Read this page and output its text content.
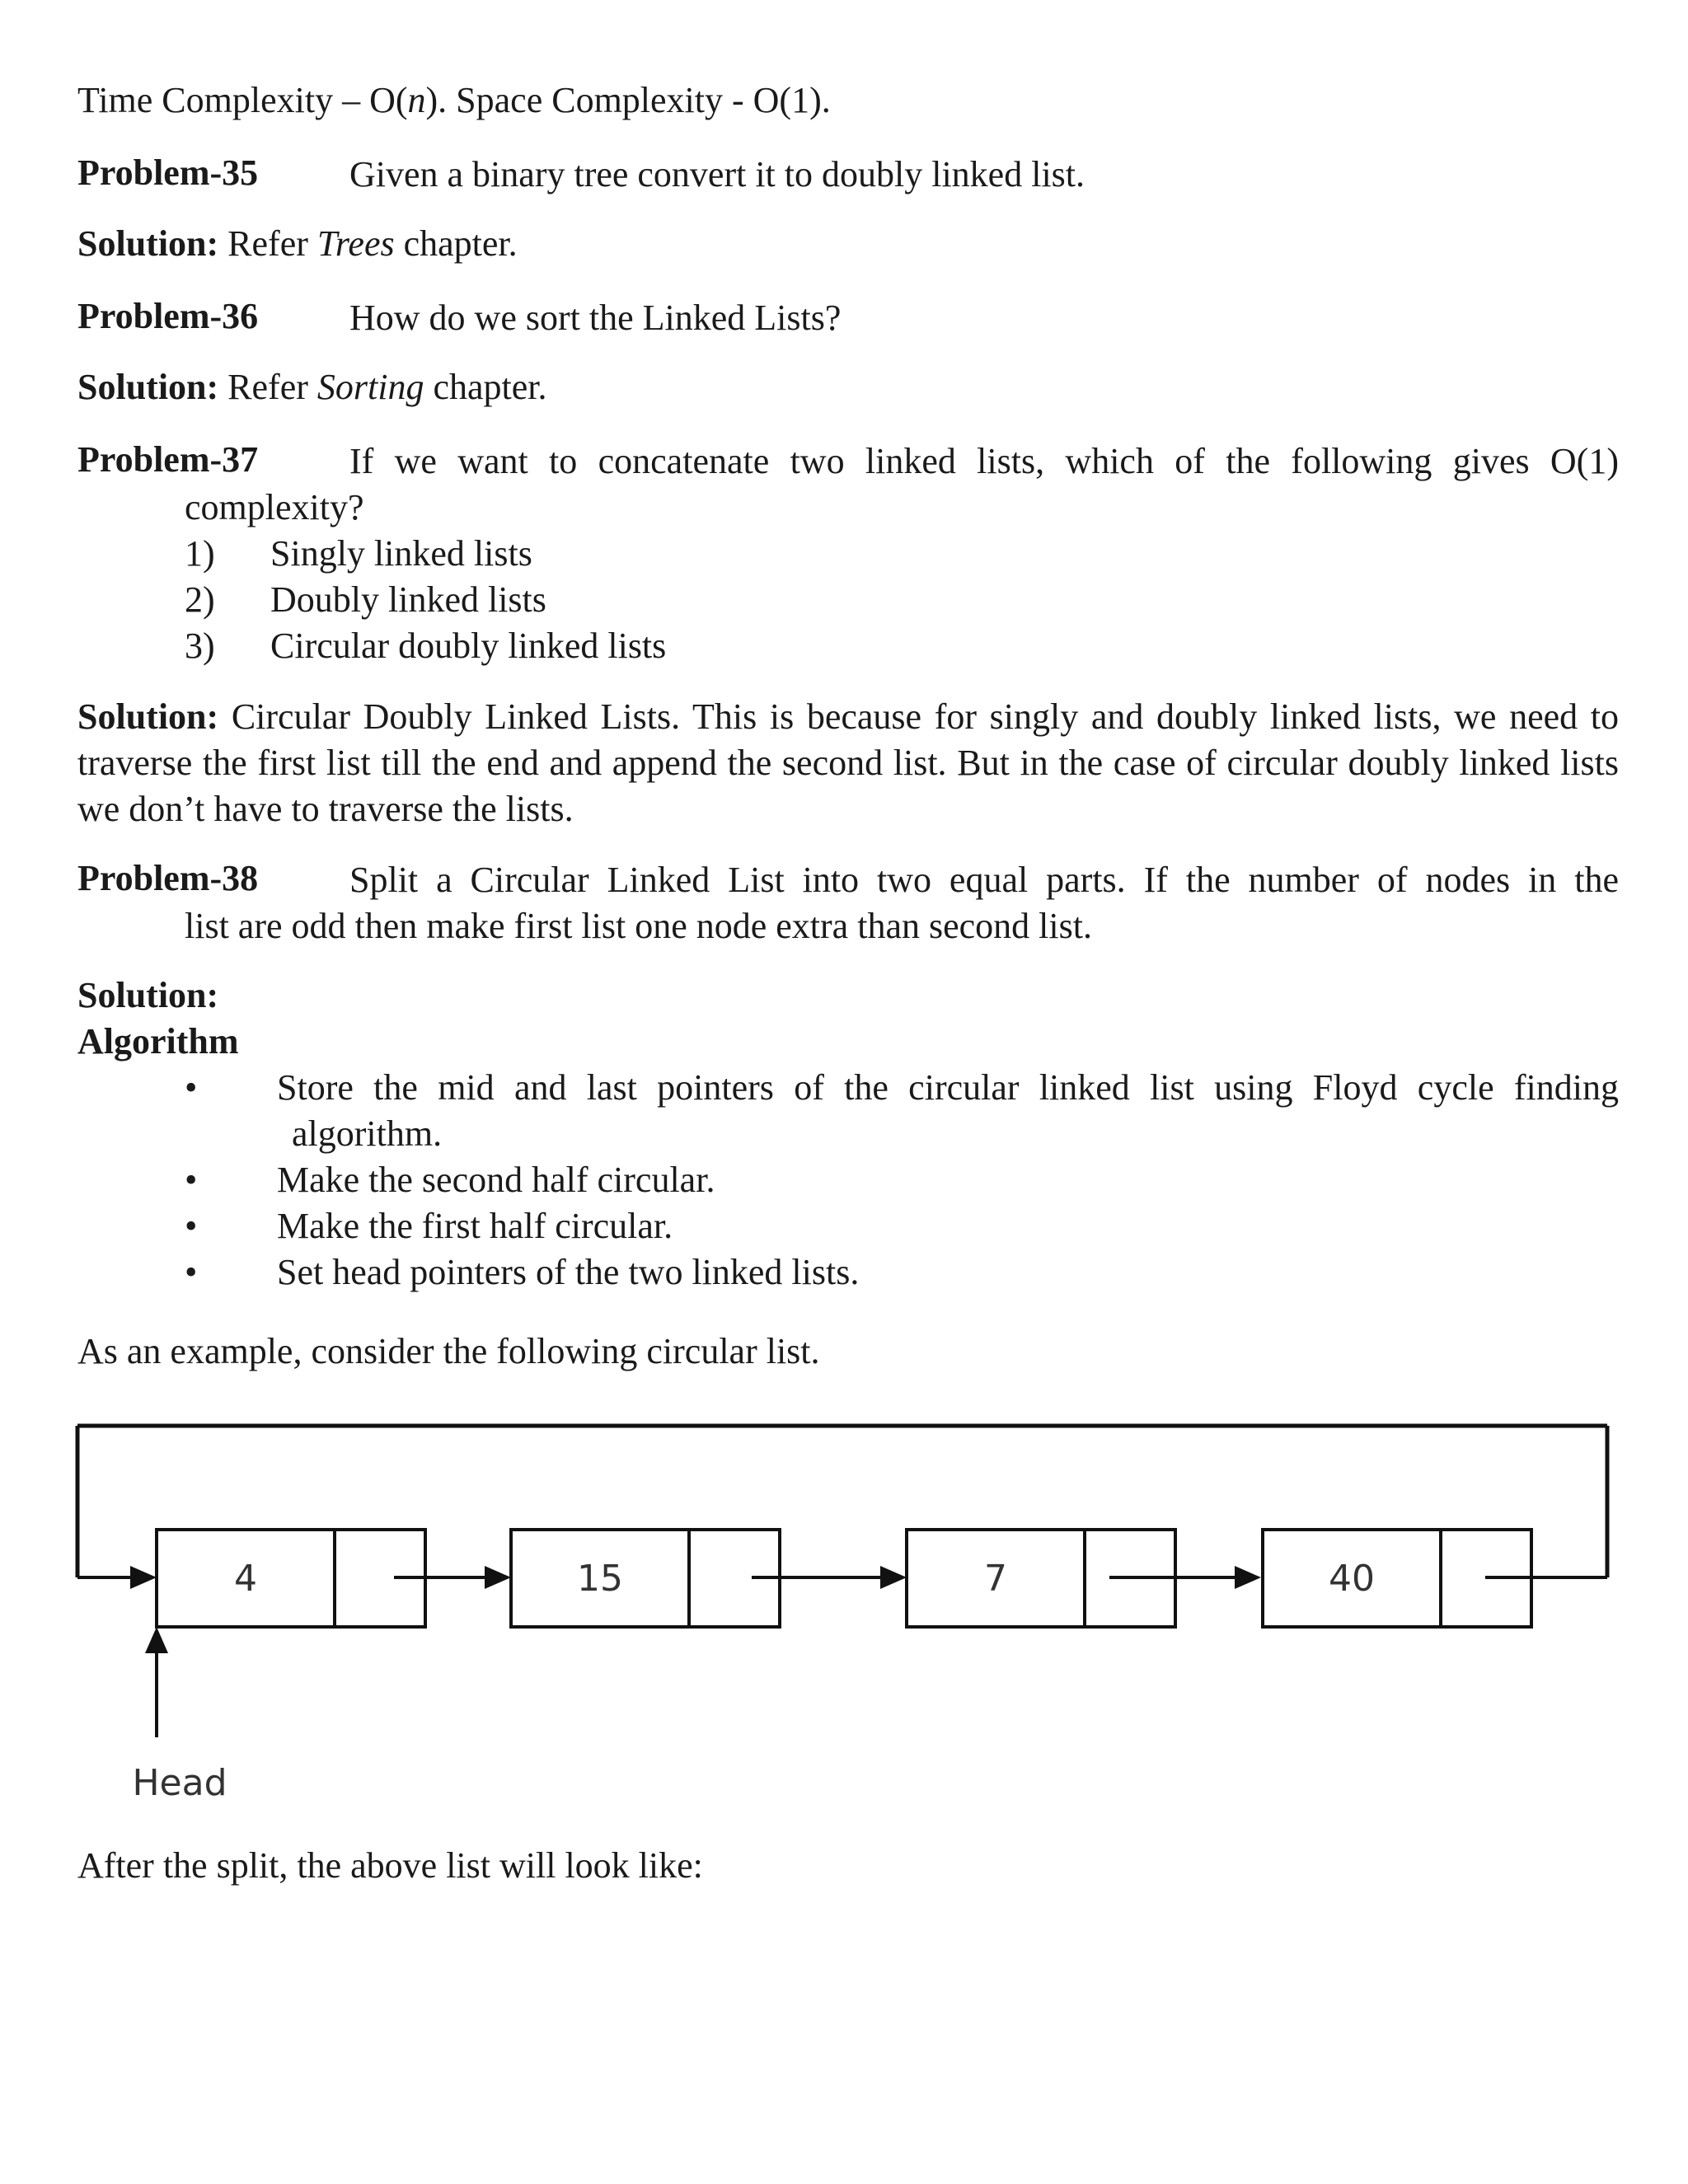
Time Complexity – O(n). Space Complexity - O(1).

Problem-35	Given a binary tree convert it to doubly linked list.

Solution: Refer Trees chapter.

Problem-36	How do we sort the Linked Lists?

Solution: Refer Sorting chapter.

Problem-37	If we want to concatenate two linked lists, which of the following gives O(1)

complexity?

1) Singly linked lists
2) Doubly linked lists
3) Circular doubly linked lists

Solution: Circular Doubly Linked Lists. This is because for singly and doubly linked lists, we need to traverse the first list till the end and append the second list. But in the case of circular doubly linked lists we don’t have to traverse the lists.

Problem-38	Split a Circular Linked List into two equal parts. If the number of nodes in the

list are odd then make first list one node extra than second list.

Solution:

Algorithm

• Store the mid and last pointers of the circular linked list using Floyd cycle finding
algorithm.
• Make the second half circular.
• Make the first half circular.
• Set head pointers of the two linked lists.

As an example, consider the following circular list.

4	15	7	40
Head

After the split, the above list will look like:
